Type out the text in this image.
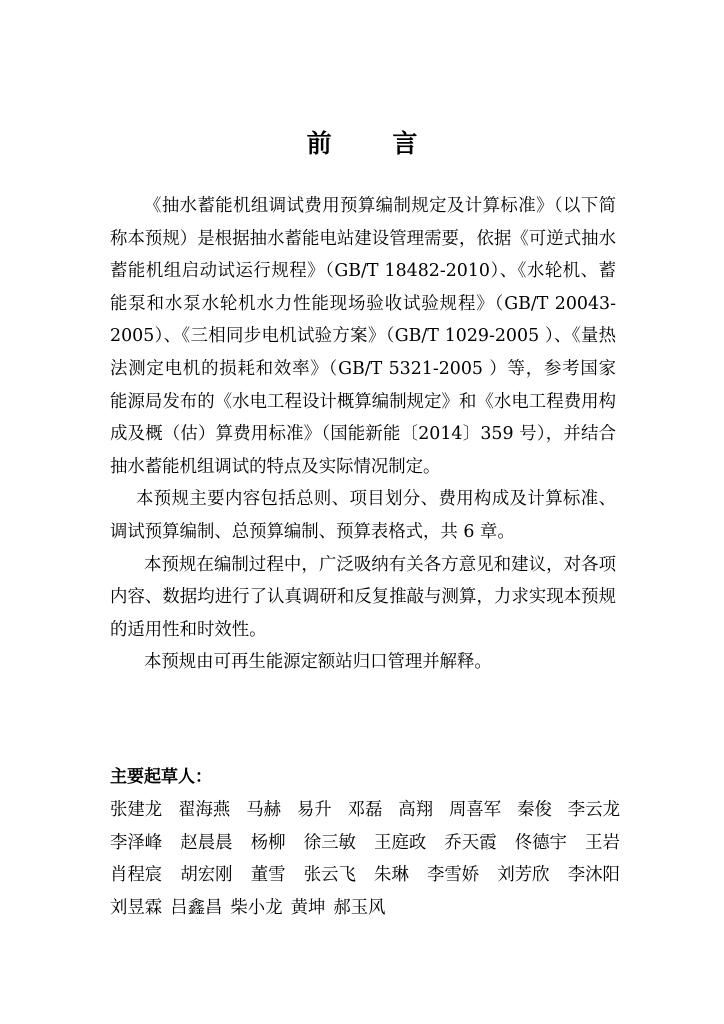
前 言

《抽水蓄能机组调试费用预算编制规定及计算标准》（以下简称本预规）是根据抽水蓄能电站建设管理需要，依据《可逆式抽水蓄能机组启动试运行规程》（GB/T 18482-2010）、《水轮机、蓄能泵和水泵水轮机水力性能现场验收试验规程》（GB/T 20043-2005）、《三相同步电机试验方案》（GB/T 1029-2005 ）、《量热法测定电机的损耗和效率》（GB/T 5321-2005 ）等，参考国家能源局发布的《水电工程设计概算编制规定》和《水电工程费用构成及概（估）算费用标准》（国能新能〔2014〕359 号），并结合抽水蓄能机组调试的特点及实际情况制定。

本预规主要内容包括总则、项目划分、费用构成及计算标准、调试预算编制、总预算编制、预算表格式，共 6 章。

本预规在编制过程中，广泛吸纳有关各方意见和建议，对各项内容、数据均进行了认真调研和反复推敲与测算，力求实现本预规的适用性和时效性。

本预规由可再生能源定额站归口管理并解释。

主要起草人：
张建龙 翟海燕 马赫 易升 邓磊 高翔 周喜军 秦俊 李云龙
李泽峰 赵晨晨 杨柳 徐三敏 王庭政 乔天霞 佟德宇 王岩
肖程宸 胡宏刚 董雪 张云飞 朱琳 李雪娇 刘芳欣 李沐阳
刘昱霖 吕鑫昌 柴小龙 黄坤 郝玉风
